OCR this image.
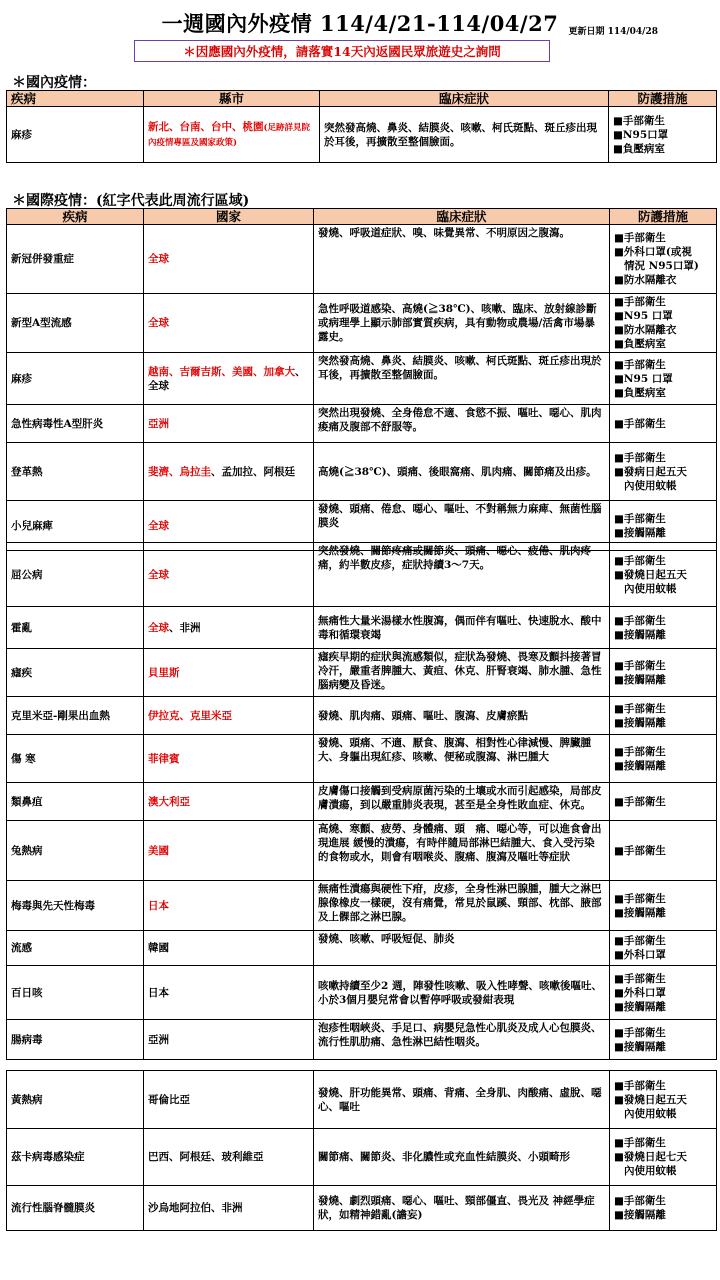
一週國內外疫情 114/4/21-114/04/27	更新日期 114/04/28
＊因應國內外疫情，請落實14天內返國民眾旅遊史之詢問
＊國內疫情：
疾病	縣市	臨床症狀	防護措施
麻疹	新北、台南、台中、桃園(足跡詳見院內疫情專區及國家政策)	突然發高燒、鼻炎、結膜炎、咳嗽、柯氏斑點、斑丘疹出現於耳後，再擴散至整個臉面。	■手部衛生
■N95口罩
■負壓病室
＊國際疫情：(紅字代表此周流行區域)
疾病	國家	臨床症狀	防護措施
新冠併發重症	全球	發燒、呼吸道症狀、嗅、味覺異常、不明原因之腹瀉。	■手部衛生
■外科口罩(或視
情況 N95口罩)
■防水隔離衣

新型A型流感	全球	急性呼吸道感染、高燒(≧38℃)、咳嗽、臨床、放射線診斷或病理學上顯示肺部實質疾病，具有動物或農場/活禽市場暴露史。	■手部衛生
■N95 口罩
■防水隔離衣
■負壓病室

麻疹	越南、吉爾吉斯、美國、加拿大、全球	突然發高燒、鼻炎、結膜炎、咳嗽、柯氏斑點、斑丘疹出現於耳後，再擴散至整個臉面。	■手部衛生
■N95 口罩
■負壓病室

急性病毒性A型肝炎	亞洲	突然出現發燒、全身倦怠不適、食慾不振、嘔吐、噁心、肌肉痠痛及腹部不舒服等。	■手部衛生

登革熱	斐濟、烏拉圭、孟加拉、阿根廷	高燒(≧38℃)、頭痛、後眼窩痛、肌肉痛、關節痛及出疹。	■手部衛生
■發病日起五天
內使用蚊帳

小兒麻痺	全球	發燒、頭痛、倦怠、噁心、嘔吐、不對稱無力麻痺、無菌性腦膜炎	■手部衛生
■接觸隔離
屈公病	全球	突然發燒、關節疼痛或關節炎、頭痛、噁心、疲倦、肌肉疼痛，約半數皮疹，症狀持續3～7天。	■手部衛生
■發燒日起五天
內使用蚊帳

霍亂	全球、非洲	無痛性大量米湯樣水性腹瀉，偶而伴有嘔吐、快速脫水、酸中毒和循環衰竭	■手部衛生
■接觸隔離

瘧疾	貝里斯	瘧疾早期的症狀與流感類似，症狀為發燒、畏寒及顫抖接著冒冷汗，嚴重者脾腫大、黃疸、休克、肝腎衰竭、肺水腫、急性腦病變及昏迷。	■手部衛生
■接觸隔離

克里米亞-剛果出血熱	伊拉克、克里米亞	發燒、肌肉痛、頭痛、嘔吐、腹瀉、皮膚瘀點	■手部衛生
■接觸隔離

傷 寒	菲律賓	發燒、頭痛、不適、厭食、腹瀉、相對性心律減慢、脾臟腫大、身軀出現紅疹、咳嗽、便秘或腹瀉、淋巴腫大	■手部衛生
■接觸隔離

類鼻疽	澳大利亞	皮膚傷口接觸到受病原菌污染的土壤或水而引起感染，局部皮膚潰瘍，到以嚴重肺炎表現，甚至是全身性敗血症、休克。	■手部衛生

兔熱病	美國	高燒、寒顫、疲勞、身體痛、頭　痛、噁心等，可以進食會出現進展 緩慢的潰瘍，有時伴隨局部淋巴結腫大、食入受污染的食物或水，則會有咽喉炎、腹痛、腹瀉及嘔吐等症狀	■手部衛生

梅毒與先天性梅毒	日本	無痛性潰瘍與硬性下疳，皮疹，全身性淋巴腺腫，腫大之淋巴腺像橡皮一樣硬，沒有痛覺，常見於鼠蹊、頸部、枕部、腋部及上髁部之淋巴腺。	■手部衛生
■接觸隔離

流感	韓國	發燒、咳嗽、呼吸短促、肺炎	■手部衛生
■外科口罩

百日咳	日本	咳嗽持續至少2 週，陣發性咳嗽、吸入性哮聲、咳嗽後嘔吐、小於3個月嬰兒常會以暫停呼吸或發紺表現	■手部衛生
■外科口罩
■接觸隔離

腸病毒	亞洲	泡疹性咽峽炎、手足口、病嬰兒急性心肌炎及成人心包膜炎、流行性肌肋痛、急性淋巴結性咽炎。	■手部衛生
■接觸隔離
黃熱病	哥倫比亞	發燒、肝功能異常、頭痛、背痛、全身肌、肉酸痛、虛脫、噁心、嘔吐	■手部衛生
■發燒日起五天
內使用蚊帳

茲卡病毒感染症	巴西、阿根廷、玻利維亞	關節痛、關節炎、非化膿性或充血性結膜炎、小頭畸形	■手部衛生
■發燒日起七天
內使用蚊帳

流行性腦脊髓膜炎	沙烏地阿拉伯、非洲	發燒、劇烈頭痛、噁心、嘔吐、頸部僵直、畏光及 神經學症狀，如精神錯亂(譫妄)	■手部衛生
■接觸隔離
